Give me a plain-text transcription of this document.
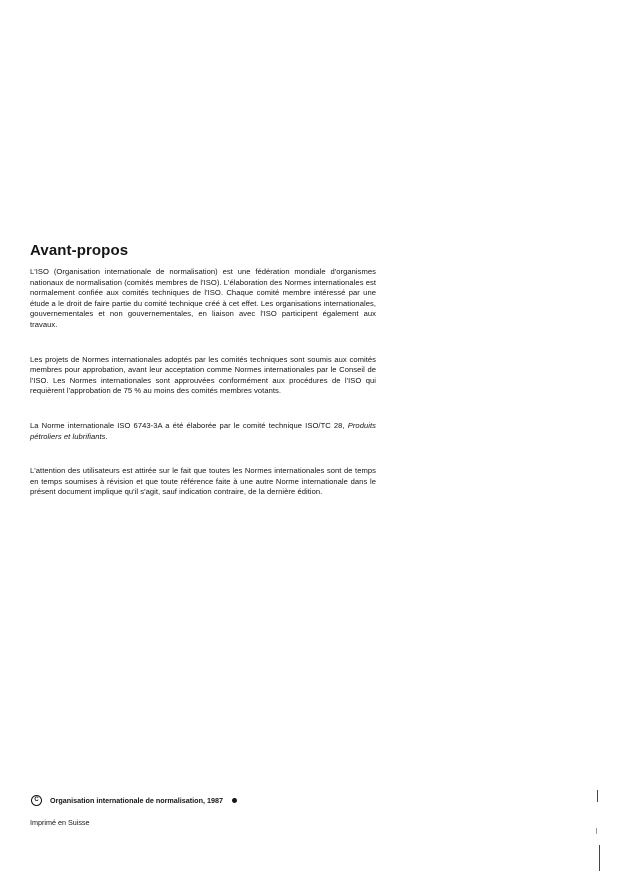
Avant-propos

L'ISO (Organisation internationale de normalisation) est une fédération mondiale d'organismes nationaux de normalisation (comités membres de l'ISO). L'élaboration des Normes internationales est normalement confiée aux comités techniques de l'ISO. Chaque comité membre intéressé par une étude a le droit de faire partie du comité technique créé à cet effet. Les organisations internationales, gouvernementales et non gouvernementales, en liaison avec l'ISO participent également aux travaux.

Les projets de Normes internationales adoptés par les comités techniques sont soumis aux comités membres pour approbation, avant leur acceptation comme Normes internationales par le Conseil de l'ISO. Les Normes internationales sont approuvées conformément aux procédures de l'ISO qui requièrent l'approbation de 75 % au moins des comités membres votants.

La Norme internationale ISO 6743-3A a été élaborée par le comité technique ISO/TC 28, Produits pétroliers et lubrifiants.

L'attention des utilisateurs est attirée sur le fait que toutes les Normes internationales sont de temps en temps soumises à révision et que toute référence faite à une autre Norme internationale dans le présent document implique qu'il s'agit, sauf indication contraire, de la dernière édition.

C	Organisation internationale de normalisation, 1987
Imprimé en Suisse
